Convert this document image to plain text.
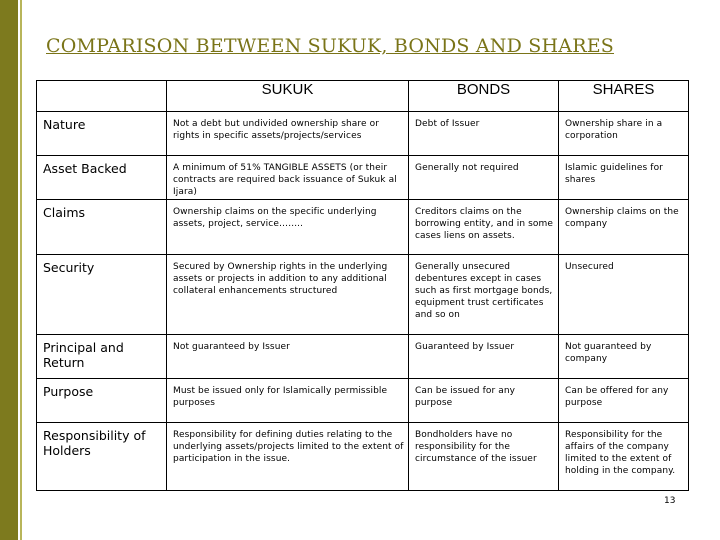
COMPARISON BETWEEN SUKUK, BONDS AND SHARES
	SUKUK	BONDS	SHARES
Nature	Not a debt but undivided ownership share or rights in specific assets/projects/services	Debt of Issuer	Ownership share in a corporation
Asset Backed	A minimum of 51% TANGIBLE ASSETS (or their contracts are required back issuance of Sukuk al Ijara)	Generally not required	Islamic guidelines for shares
Claims	Ownership claims on the specific underlying assets, project, service……..	Creditors claims on the borrowing entity, and in some cases liens on assets.	Ownership claims on the company
Security	Secured by Ownership rights in the underlying assets or projects in addition to any additional collateral enhancements structured	Generally unsecured debentures except in cases such as first mortgage bonds, equipment trust certificates and so on	Unsecured
Principal and Return	Not guaranteed by Issuer	Guaranteed by Issuer	Not guaranteed by company
Purpose	Must be issued only for Islamically permissible purposes	Can be issued for any purpose	Can be offered for any purpose
Responsibility of Holders	Responsibility for defining duties relating to the underlying assets/projects limited to the extent of participation in the issue.	Bondholders have no responsibility for the circumstance of the issuer	Responsibility for the affairs of the company limited to the extent of holding in the company.
13
